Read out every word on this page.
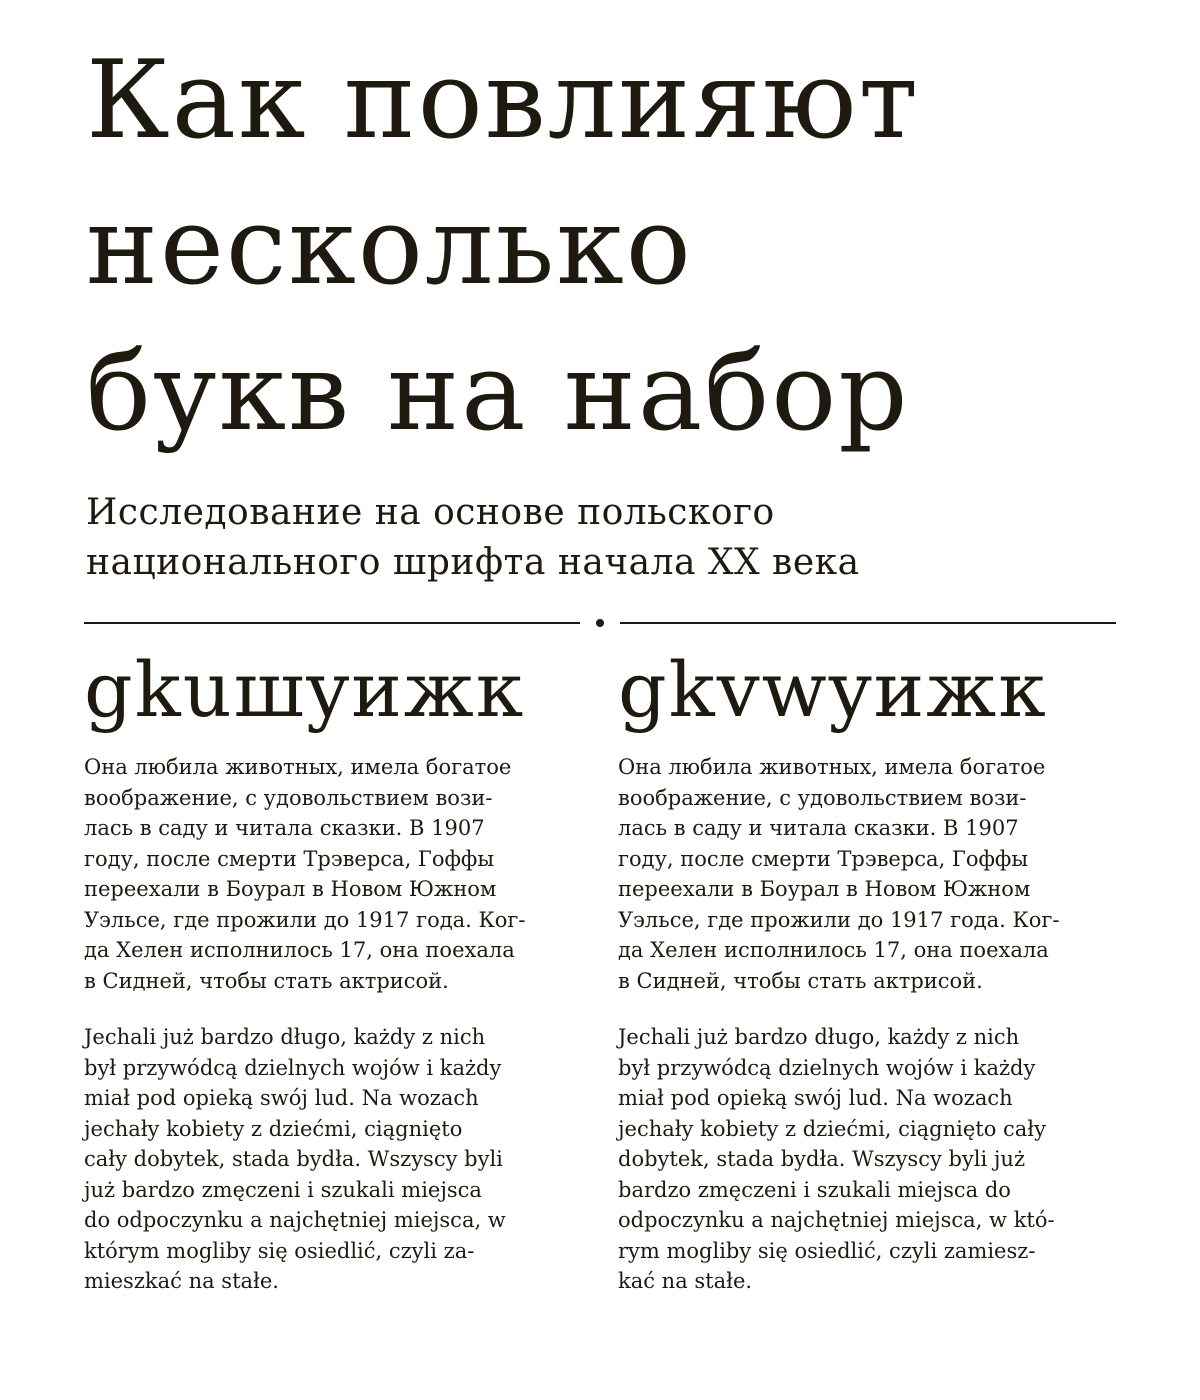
Как повлияют
несколько
букв на набор
Исследование на основе польского
национального шрифта начала XX века

gkuшyижк

Она любила животных, имела богатое
воображение, с удовольствием вози-
лась в саду и читала сказки. В 1907
году, после смерти Трэверса, Гоффы
переехали в Боурал в Новом Южном
Уэльсе, где прожили до 1917 года. Ког-
да Хелен исполнилось 17, она поехала
в Сидней, чтобы стать актрисой.

Jechali już bardzo długo, każdy z nich
był przywódcą dzielnych wojów i każdy
miał pod opieką swój lud. Na wozach
jechały kobiety z dziećmi, ciągnięto
cały dobytek, stada bydła. Wszyscy byli
już bardzo zmęczeni i szukali miejsca
do odpoczynku a najchętniej miejsca, w
którym mogliby się osiedlić, czyli za-
mieszkać na stałe.

gkvwyижк

Она любила животных, имела богатое
воображение, с удовольствием вози-
лась в саду и читала сказки. В 1907
году, после смерти Трэверса, Гоффы
переехали в Боурал в Новом Южном
Уэльсе, где прожили до 1917 года. Ког-
да Хелен исполнилось 17, она поехала
в Сидней, чтобы стать актрисой.

Jechali już bardzo długo, każdy z nich
był przywódcą dzielnych wojów i każdy
miał pod opieką swój lud. Na wozach
jechały kobiety z dziećmi, ciągnięto cały
dobytek, stada bydła. Wszyscy byli już
bardzo zmęczeni i szukali miejsca do
odpoczynku a najchętniej miejsca, w któ-
rym mogliby się osiedlić, czyli zamiesz-
kać na stałe.
